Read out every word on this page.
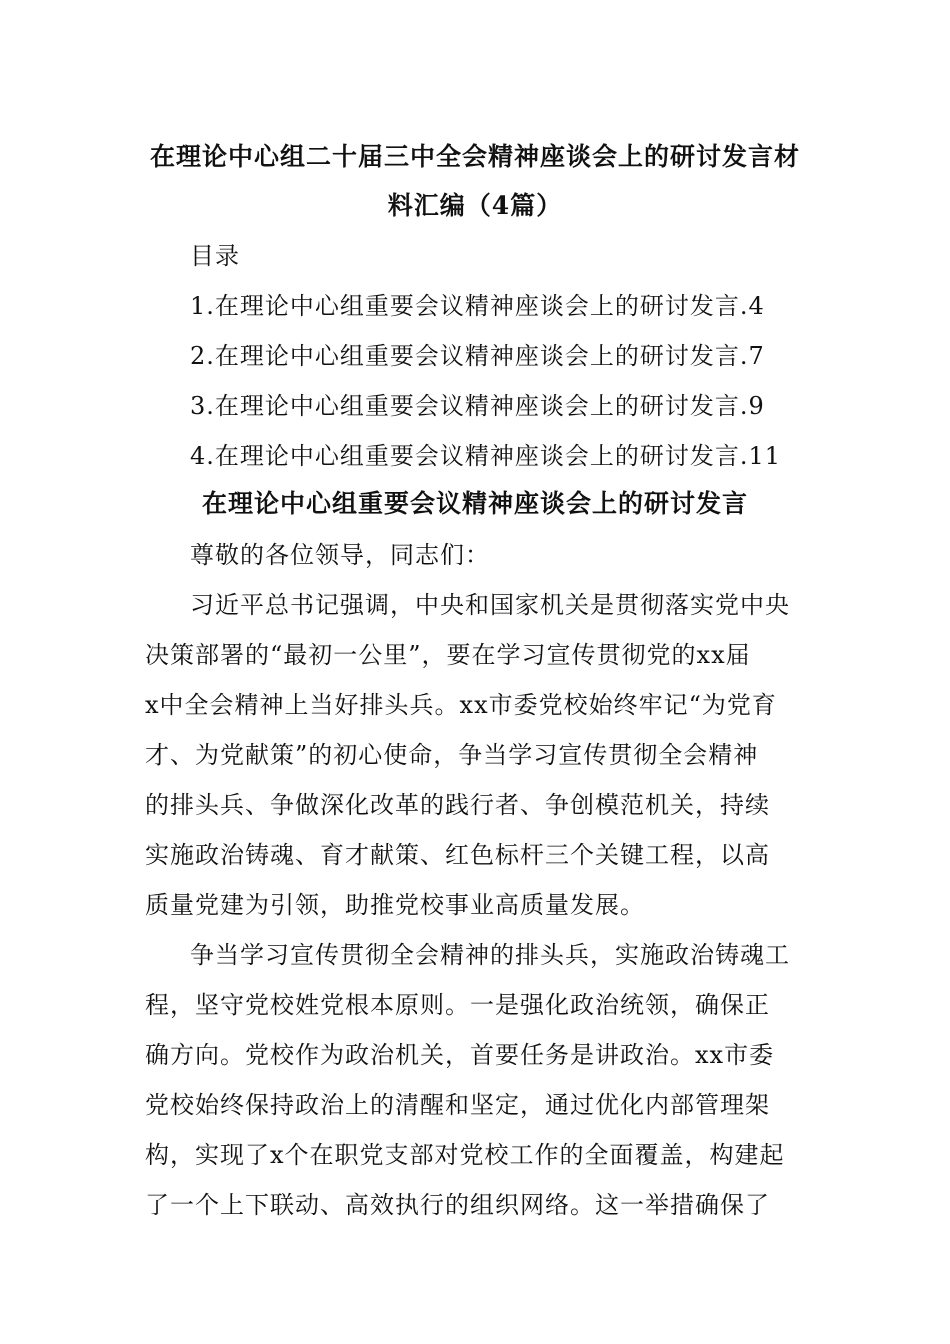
在理论中心组二十届三中全会精神座谈会上的研讨发言材
料汇编（4篇）
目录
1.在理论中心组重要会议精神座谈会上的研讨发言.4
2.在理论中心组重要会议精神座谈会上的研讨发言.7
3.在理论中心组重要会议精神座谈会上的研讨发言.9
4.在理论中心组重要会议精神座谈会上的研讨发言.11
在理论中心组重要会议精神座谈会上的研讨发言
尊敬的各位领导，同志们：
习近平总书记强调，中央和国家机关是贯彻落实党中央
决策部署的“最初一公里”，要在学习宣传贯彻党的xx届
x中全会精神上当好排头兵。xx市委党校始终牢记“为党育
才、为党献策”的初心使命，争当学习宣传贯彻全会精神
的排头兵、争做深化改革的践行者、争创模范机关，持续
实施政治铸魂、育才献策、红色标杆三个关键工程，以高
质量党建为引领，助推党校事业高质量发展。
争当学习宣传贯彻全会精神的排头兵，实施政治铸魂工
程，坚守党校姓党根本原则。一是强化政治统领，确保正
确方向。党校作为政治机关，首要任务是讲政治。xx市委
党校始终保持政治上的清醒和坚定，通过优化内部管理架
构，实现了x个在职党支部对党校工作的全面覆盖，构建起
了一个上下联动、高效执行的组织网络。这一举措确保了
